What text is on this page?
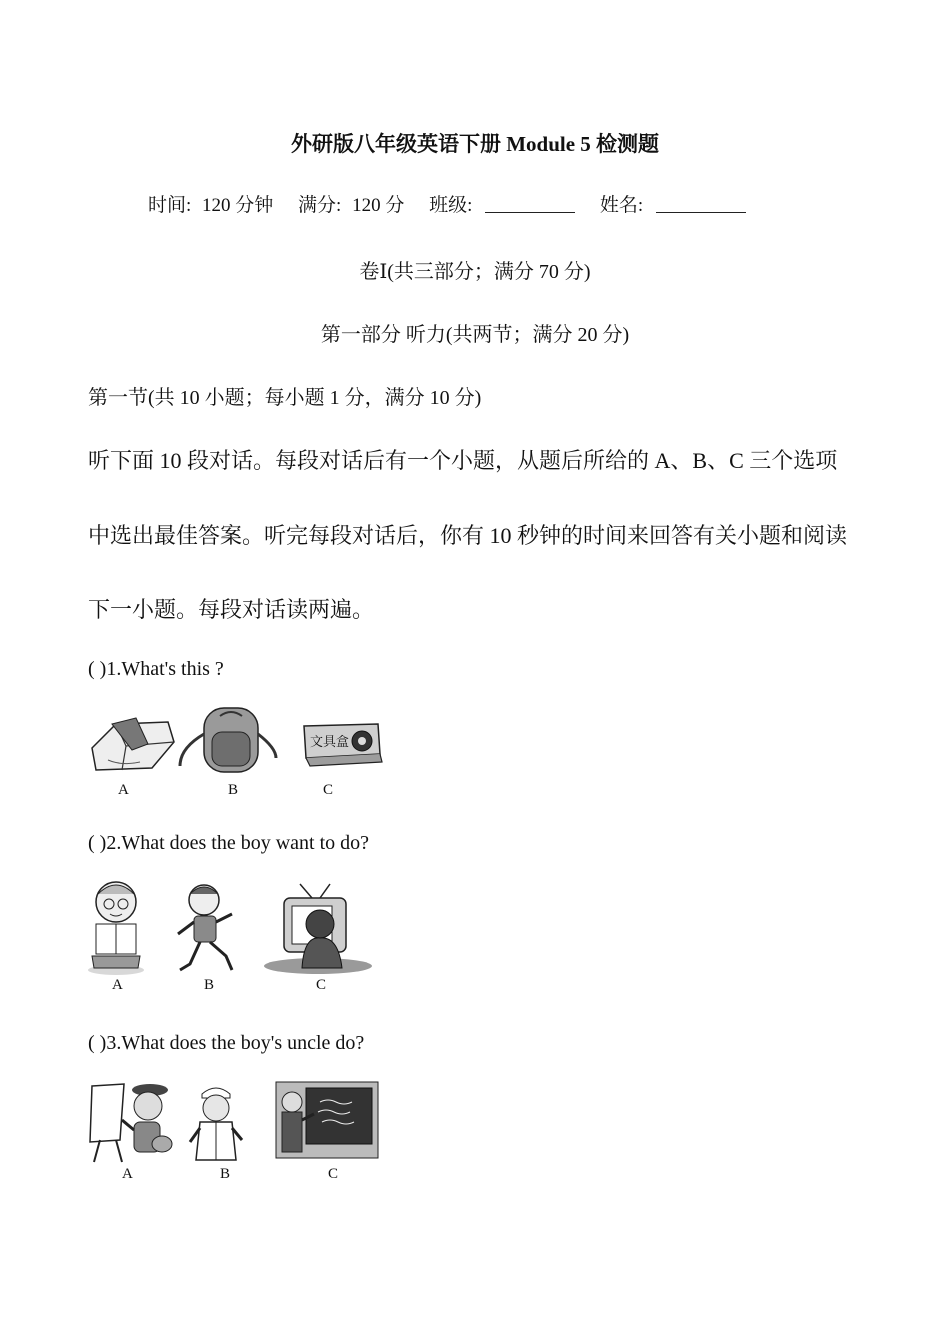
外研版八年级英语下册 Module 5 检测题
时间: 120 分钟 满分: 120 分 班级:	姓名:
卷Ⅰ(共三部分；满分 70 分)
第一部分 听力(共两节；满分 20 分)
第一节(共 10 小题；每小题 1 分，满分 10 分)
听下面 10 段对话。每段对话后有一个小题，从题后所给的 A、B、C 三个选项
中选出最佳答案。听完每段对话后，你有 10 秒钟的时间来回答有关小题和阅读
下一小题。每段对话读两遍。
( )1.What's this ?
文具盒
A	B	C
( )2.What does the boy want to do?
A	B	C
( )3.What does the boy's uncle do?
A	B	C
